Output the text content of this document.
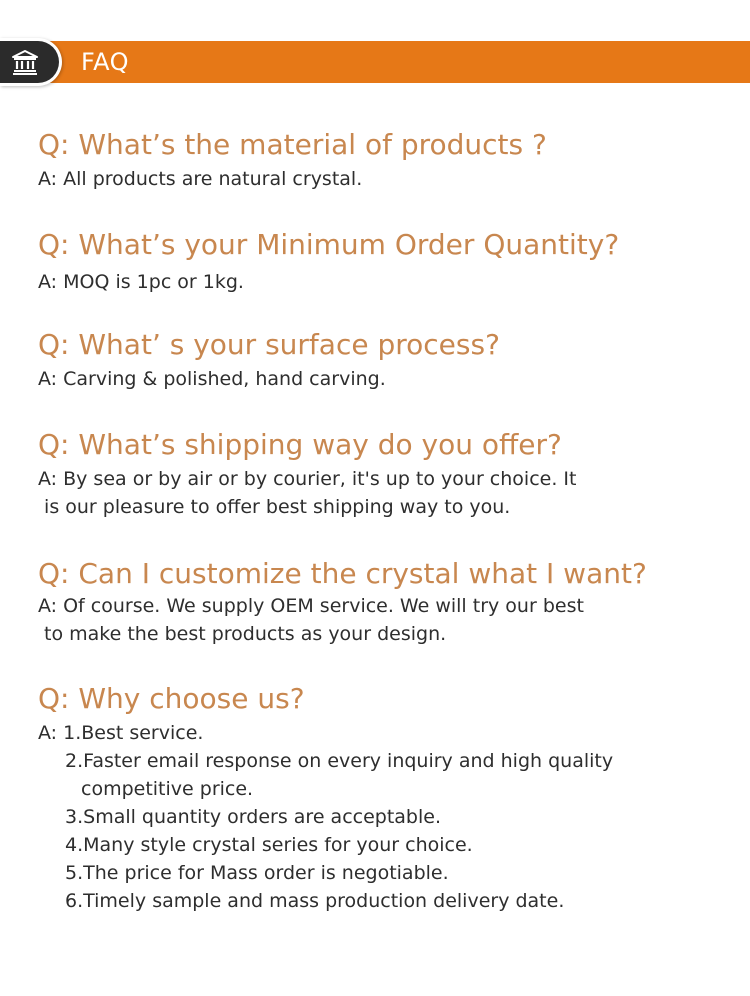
FAQ

Q: What’s the material of products ?

A: All products are natural crystal.

Q: What’s your Minimum Order Quantity?

A: MOQ is 1pc or 1kg.

Q: What’ s your surface process?

A: Carving & polished, hand carving.

Q: What’s shipping way do you offer?

A: By sea or by air or by courier, it's up to your choice. It
is our pleasure to offer best shipping way to you.

Q: Can I customize the crystal what I want?

A: Of course. We supply OEM service. We will try our best
to make the best products as your design.

Q: Why choose us?

A: 1.Best service.
2.Faster email response on every inquiry and high quality
competitive price.
3.Small quantity orders are acceptable.
4.Many style crystal series for your choice.
5.The price for Mass order is negotiable.
6.Timely sample and mass production delivery date.
